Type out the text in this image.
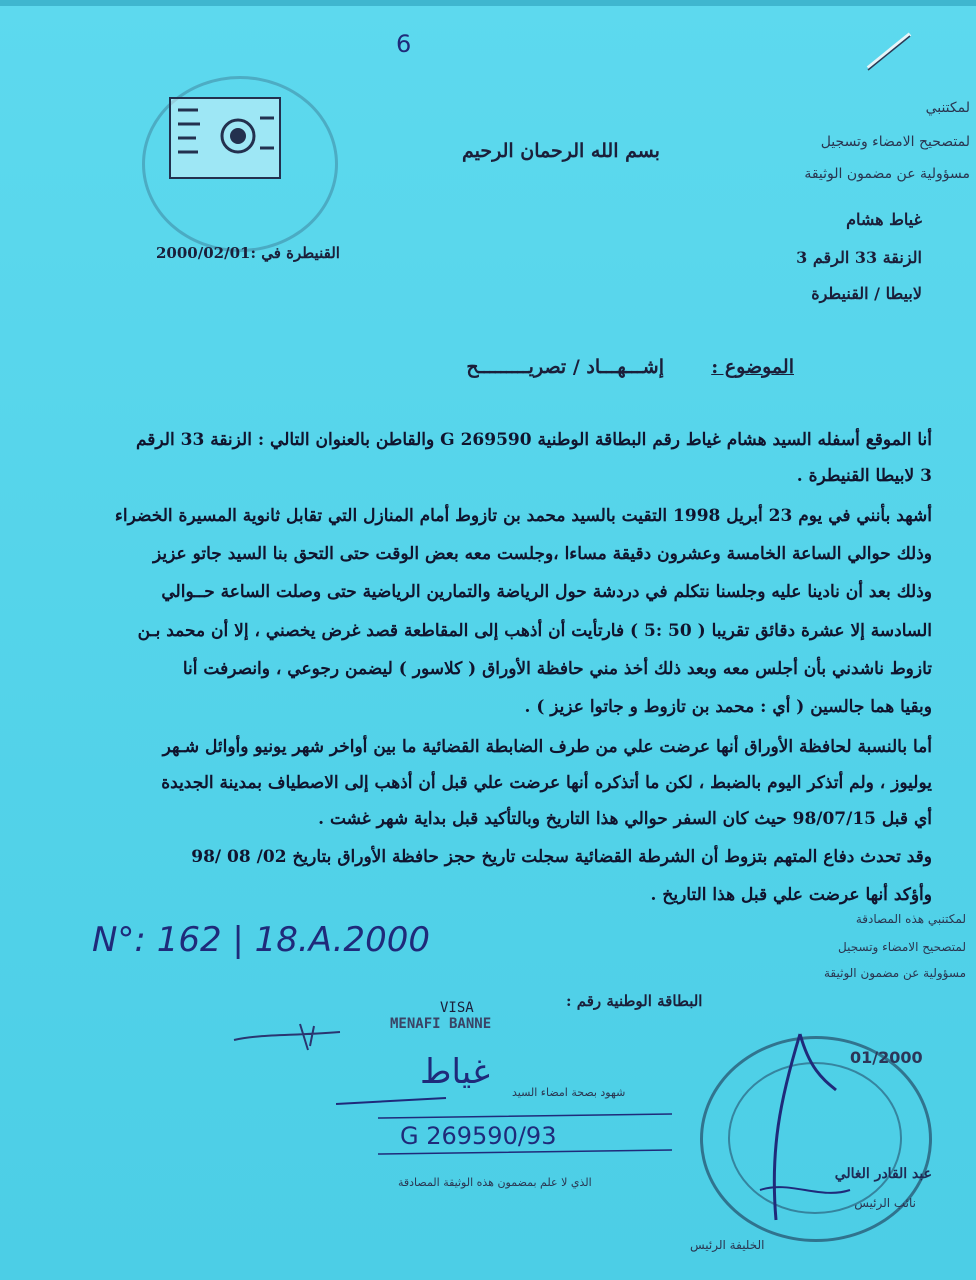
6
بسم الله الرحمان الرحيم
لمكتنبي
لمتصحيح الامضاء وتسجيل
مسؤولية عن مضمون الوثيقة
القنيطرة في :2000/02/01
غياط هشام
الزنقة 33 الرقم 3
لابيطا / القنيطرة
الموضوع :
إشـــهـــاد / تصريـــــــــح
أنا الموقع أسفله السيد هشام غياط رقم البطاقة الوطنية G 269590 والقاطن بالعنوان التالي : الزنقة 33 الرقم
3 لابيطا القنيطرة .
أشهد بأنني في يوم 23 أبريل 1998 التقيت بالسيد محمد بن تازوط أمام المنازل التي تقابل ثانوية المسيرة الخضراء
وذلك حوالي الساعة الخامسة وعشرون دقيقة مساءا ،وجلست معه بعض الوقت حتى التحق بنا السيد جاتو عزيز
وذلك بعد أن نادينا عليه وجلسنا نتكلم في دردشة حول الرياضة والتمارين الرياضية حتى وصلت الساعة حــوالي
السادسة إلا عشرة دقائق تقريبا ( 50 :5 ) فارتأيت أن أذهب إلى المقاطعة قصد غرض يخصني ، إلا أن محمد بـن
تازوط ناشدني بأن أجلس معه وبعد ذلك أخذ مني حافظة الأوراق ( كلاسور ) ليضمن رجوعي ، وانصرفت أنا
وبقيا هما جالسين ( أي : محمد بن تازوط و جاتوا عزيز ) .
أما بالنسبة لحافظة الأوراق أنها عرضت علي من طرف الضابطة القضائية ما بين أواخر شهر يونيو وأوائل شـهر
يوليوز ، ولم أتذكر اليوم بالضبط ، لكن ما أتذكره أنها عرضت علي قبل أن أذهب إلى الاصطياف بمدينة الجديدة
أي قبل 98/07/15 حيث كان السفر حوالي هذا التاريخ وبالتأكيد قبل بداية شهر غشت .
وقد تحدث دفاع المتهم بتزوط أن الشرطة القضائية سجلت تاريخ حجز حافظة الأوراق بتاريخ 02/ 08 /98
وأؤكد أنها عرضت علي قبل هذا التاريخ .
لمكتنبي هذه المصادقة
لمتصحيح الامضاء وتسجيل
مسؤولية عن مضمون الوثيقة
N°: 162 | 18.A.2000
البطاقة الوطنية رقم :
VISA
MENAFI BANNE
غياط
شهود بصحة امضاء السيد
G 269590/93
الذي لا علم بمضمون هذه الوثيقة المصادقة
01/2000
عبد القادر الغالي
نائب الرئيس
الخليفة الرئيس
